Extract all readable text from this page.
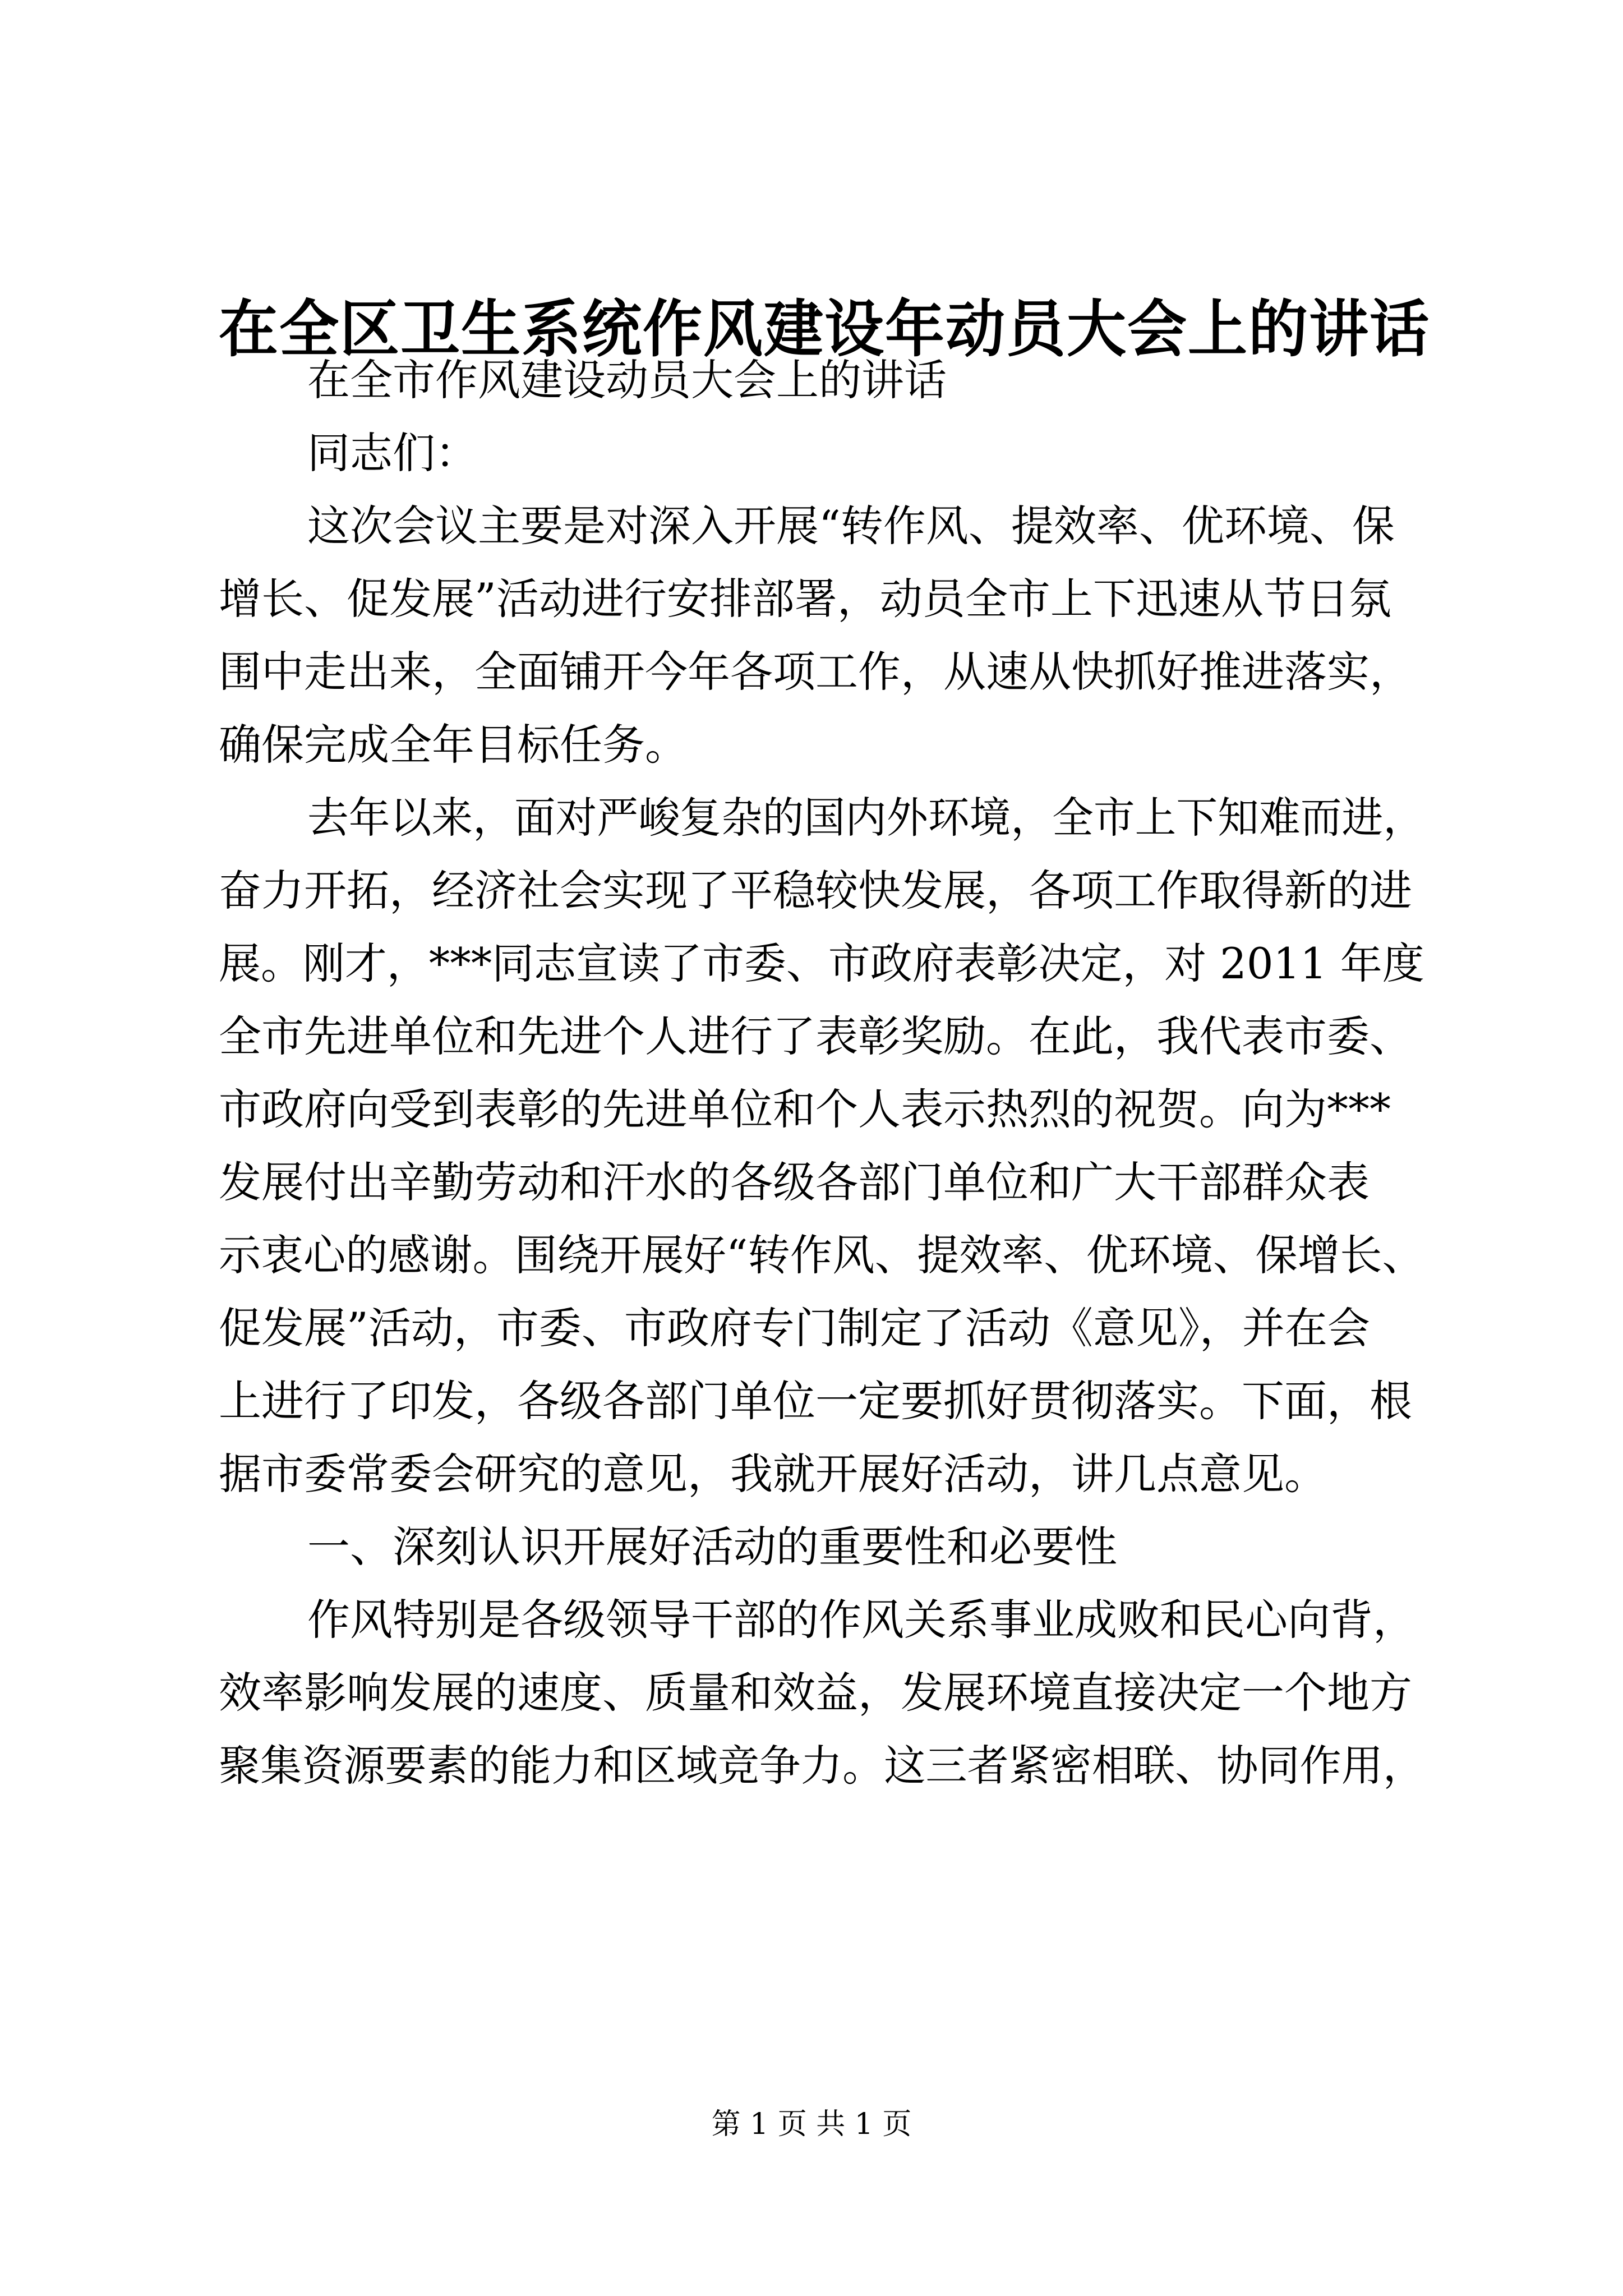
在全区卫生系统作风建设年动员大会上的讲话
在全市作风建设动员大会上的讲话
同志们：
这次会议主要是对深入开展“转作风、提效率、优环境、保
增长、促发展”活动进行安排部署，动员全市上下迅速从节日氛
围中走出来，全面铺开今年各项工作，从速从快抓好推进落实，
确保完成全年目标任务。
去年以来，面对严峻复杂的国内外环境，全市上下知难而进，
奋力开拓，经济社会实现了平稳较快发展，各项工作取得新的进
展。刚才，***同志宣读了市委、市政府表彰决定，对 2011 年度
全市先进单位和先进个人进行了表彰奖励。在此，我代表市委、
市政府向受到表彰的先进单位和个人表示热烈的祝贺。向为***
发展付出辛勤劳动和汗水的各级各部门单位和广大干部群众表
示衷心的感谢。围绕开展好“转作风、提效率、优环境、保增长、
促发展”活动，市委、市政府专门制定了活动《意见》，并在会
上进行了印发，各级各部门单位一定要抓好贯彻落实。下面，根
据市委常委会研究的意见，我就开展好活动，讲几点意见。
一、深刻认识开展好活动的重要性和必要性
作风特别是各级领导干部的作风关系事业成败和民心向背，
效率影响发展的速度、质量和效益，发展环境直接决定一个地方
聚集资源要素的能力和区域竞争力。这三者紧密相联、协同作用，
第 1 页 共 1 页
